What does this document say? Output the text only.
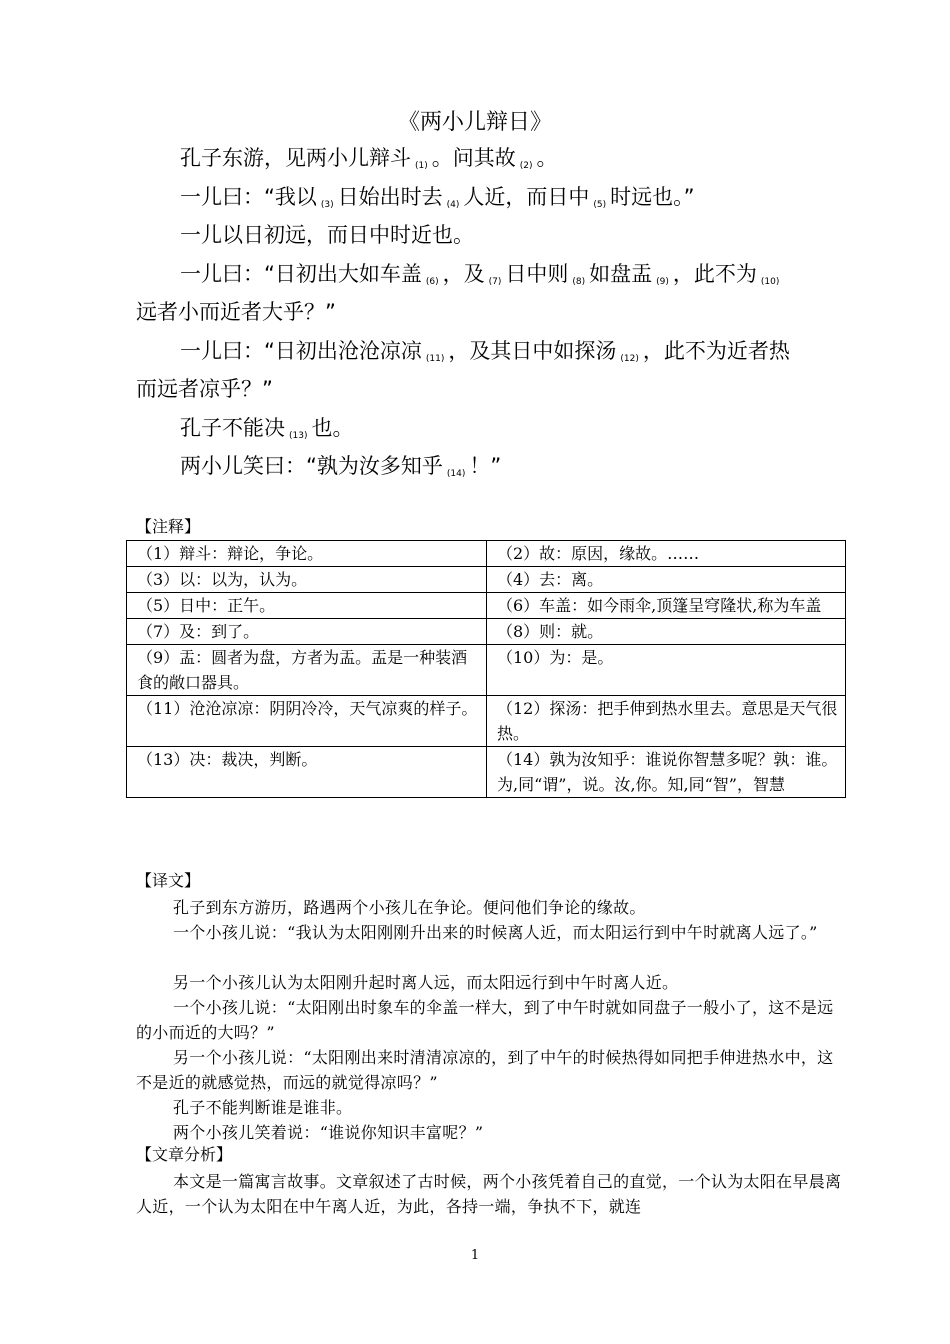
《两小儿辩日》
孔子东游，见两小儿辩斗 $_{(1)}$ 。问其故 $_{(2)}$ 。
一儿曰：“我以 $_{(3)}$ 日始出时去 $_{(4)}$ 人近，而日中 $_{(5)}$ 时远也。”
一儿以日初远，而日中时近也。
一儿曰：“日初出大如车盖 $_{(6)}$ ，及 $_{(7)}$ 日中则 $_{(8)}$ 如盘盂 $_{(9)}$ ，此不为 $_{(10)}$
远者小而近者大乎？”
一儿曰：“日初出沧沧凉凉 $_{(11)}$ ，及其日中如探汤 $_{(12)}$ ，此不为近者热
而远者凉乎？”
孔子不能决 $_{(13)}$ 也。
两小儿笑曰：“孰为汝多知乎 $_{(14)}$ ！”
【注释】
（1）辩斗：辩论，争论。	（2）故：原因，缘故。……
（3）以：以为，认为。	（4）去：离。
（5）日中：正午。	（6）车盖：如今雨伞,顶篷呈穹隆状,称为车盖
（7）及：到了。	（8）则：就。
（9）盂：圆者为盘，方者为盂。盂是一种装酒食的敞口器具。	（10）为：是。
（11）沧沧凉凉：阴阴冷冷，天气凉爽的样子。	（12）探汤：把手伸到热水里去。意思是天气很热。
（13）决：裁决，判断。	（14）孰为汝知乎：谁说你智慧多呢？孰：谁。为,同“谓”，说。汝,你。知,同“智”，智慧
【译文】
孔子到东方游历，路遇两个小孩儿在争论。便问他们争论的缘故。
一个小孩儿说：“我认为太阳刚刚升出来的时候离人近，而太阳运行到中午时就离人远了。”
另一个小孩儿认为太阳刚升起时离人远，而太阳远行到中午时离人近。
一个小孩儿说：“太阳刚出时象车的伞盖一样大，到了中午时就如同盘子一般小了，这不是远的小而近的大吗？”
另一个小孩儿说：“太阳刚出来时清清凉凉的，到了中午的时候热得如同把手伸进热水中，这不是近的就感觉热，而远的就觉得凉吗？”
孔子不能判断谁是谁非。
两个小孩儿笑着说：“谁说你知识丰富呢？”
【文章分析】
本文是一篇寓言故事。文章叙述了古时候，两个小孩凭着自己的直觉，一个认为太阳在早晨离人近，一个认为太阳在中午离人近，为此，各持一端，争执不下，就连
1
